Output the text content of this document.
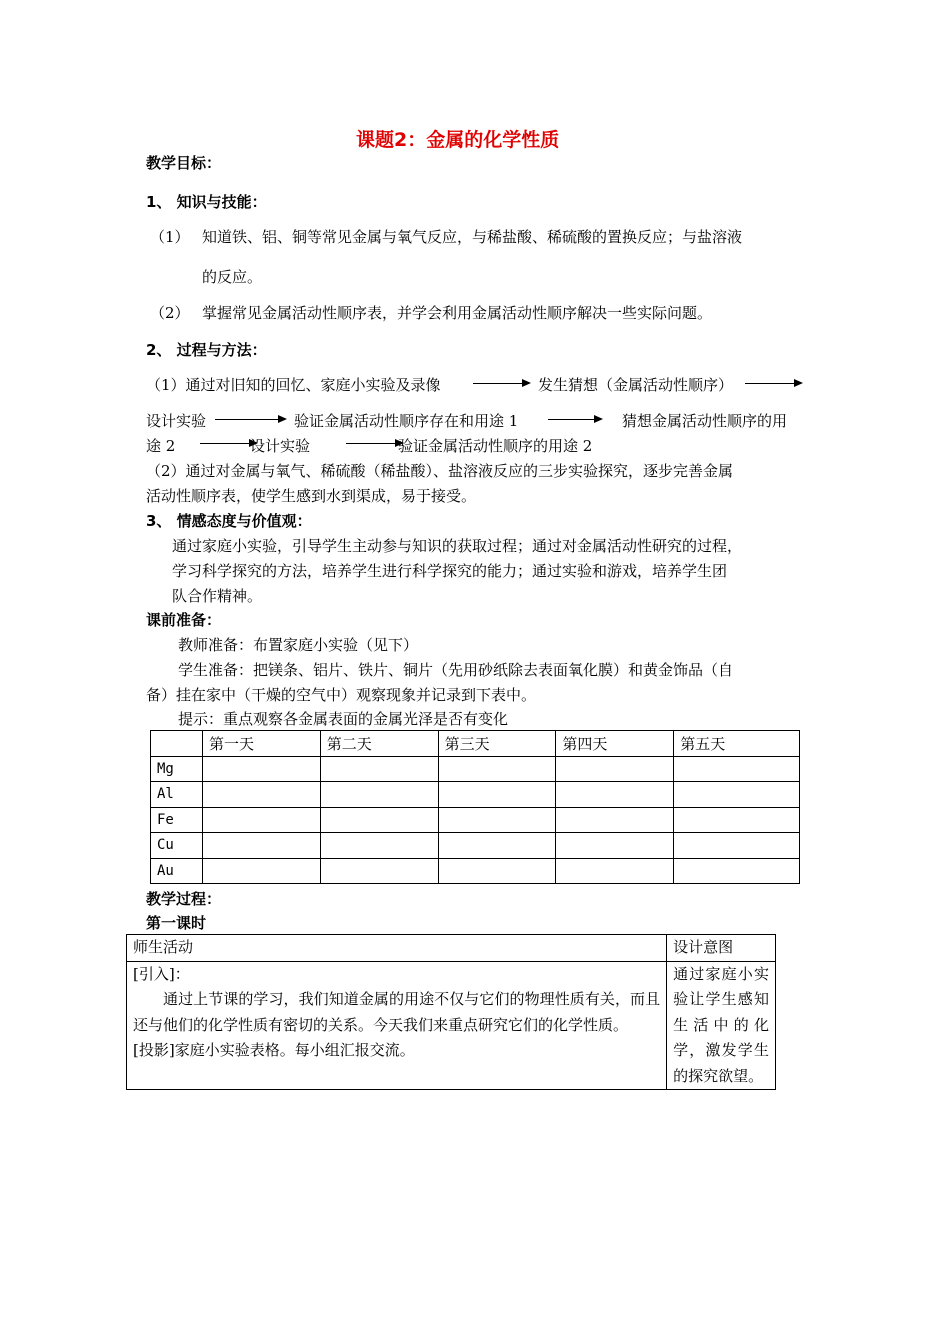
课题2：金属的化学性质
教学目标：
1、 知识与技能：
（1） 知道铁、铝、铜等常见金属与氧气反应，与稀盐酸、稀硫酸的置换反应；与盐溶液
的反应。
（2） 掌握常见金属活动性顺序表，并学会利用金属活动性顺序解决一些实际问题。
2、 过程与方法：
（1）通过对旧知的回忆、家庭小实验及录像	发生猜想（金属活动性顺序）
设计实验	验证金属活动性顺序存在和用途 1	猜想金属活动性顺序的用
途 2	设计实验	验证金属活动性顺序的用途 2
（2）通过对金属与氧气、稀硫酸（稀盐酸）、盐溶液反应的三步实验探究，逐步完善金属
活动性顺序表，使学生感到水到渠成，易于接受。
3、 情感态度与价值观：
通过家庭小实验，引导学生主动参与知识的获取过程；通过对金属活动性研究的过程，
学习科学探究的方法，培养学生进行科学探究的能力；通过实验和游戏，培养学生团
队合作精神。
课前准备：
教师准备：布置家庭小实验（见下）
学生准备：把镁条、铝片、铁片、铜片（先用砂纸除去表面氧化膜）和黄金饰品（自
备）挂在家中（干燥的空气中）观察现象并记录到下表中。
提示：重点观察各金属表面的金属光泽是否有变化
	第一天	第二天	第三天	第四天	第五天
Mg					
Al					
Fe					
Cu					
Au					
教学过程：
第一课时
师生活动	设计意图

[引入]：

通过上节课的学习，我们知道金属的用途不仅与它们的物理性质有关，而且还与他们的化学性质有密切的关系。今天我们来重点研究它们的化学性质。

[投影]家庭小实验表格。每小组汇报交流。	通过家庭小实验让学生感知生活中的化学，激发学生的探究欲望。
